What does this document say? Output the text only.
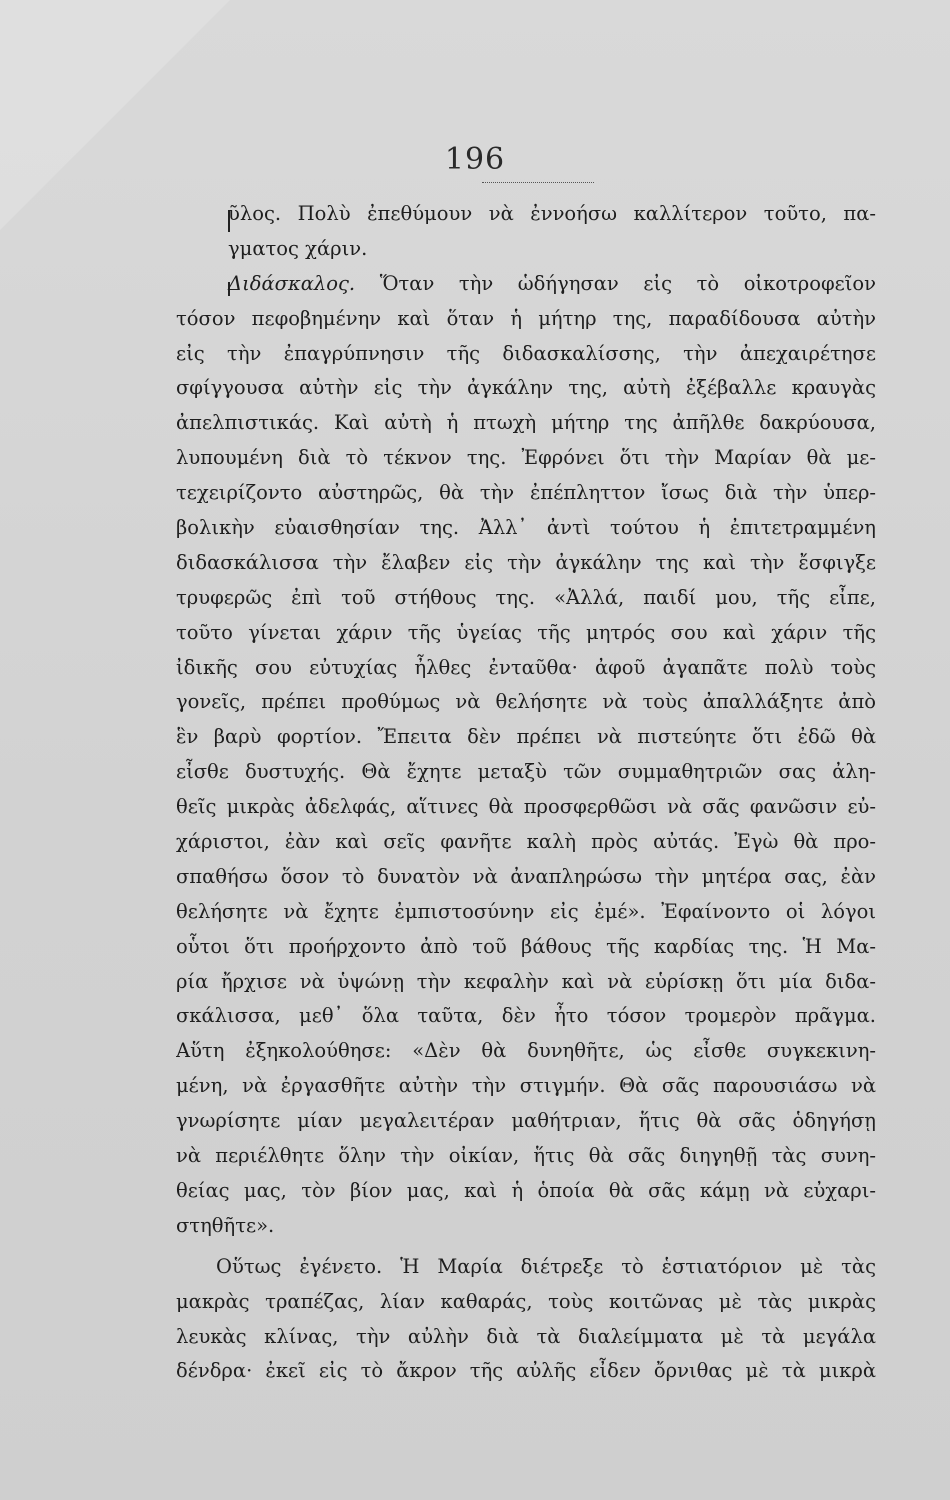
196
ῦλος. Πολὺ ἐπεθύμουν νὰ ἐννοήσω καλλίτερον τοῦτο, πα-
γματος χάριν.
Διδάσκαλος. Ὅταν τὴν ὡδήγησαν εἰς τὸ οἰκοτροφεῖον
τόσον πεφοβημένην καὶ ὅταν ἡ μήτηρ της, παραδίδουσα αὐτὴν
εἰς τὴν ἐπαγρύπνησιν τῆς διδασκαλίσσης, τὴν ἀπεχαιρέτησε
σφίγγουσα αὐτὴν εἰς τὴν ἀγκάλην της, αὐτὴ ἐξέβαλλε κραυγὰς
ἀπελπιστικάς. Καὶ αὐτὴ ἡ πτωχὴ μήτηρ της ἀπῆλθε δακρύουσα,
λυπουμένη διὰ τὸ τέκνον της. Ἐφρόνει ὅτι τὴν Μαρίαν θὰ με-
τεχειρίζοντο αὐστηρῶς, θὰ τὴν ἐπέπληττον ἴσως διὰ τὴν ὑπερ-
βολικὴν εὐαισθησίαν της. Ἀλλ᾽ ἀντὶ τούτου ἡ ἐπιτετραμμένη
διδασκάλισσα τὴν ἔλαβεν εἰς τὴν ἀγκάλην της καὶ τὴν ἔσφιγξε
τρυφερῶς ἐπὶ τοῦ στήθους της. «Ἀλλά, παιδί μου, τῆς εἶπε,
τοῦτο γίνεται χάριν τῆς ὑγείας τῆς μητρός σου καὶ χάριν τῆς
ἰδικῆς σου εὐτυχίας ἦλθες ἐνταῦθα· ἀφοῦ ἀγαπᾶτε πολὺ τοὺς
γονεῖς, πρέπει προθύμως νὰ θελήσητε νὰ τοὺς ἀπαλλάξητε ἀπὸ
ἓν βαρὺ φορτίον. Ἔπειτα δὲν πρέπει νὰ πιστεύητε ὅτι ἐδῶ θὰ
εἶσθε δυστυχής. Θὰ ἔχητε μεταξὺ τῶν συμμαθητριῶν σας ἀλη-
θεῖς μικρὰς ἀδελφάς, αἵτινες θὰ προσφερθῶσι νὰ σᾶς φανῶσιν εὐ-
χάριστοι, ἐὰν καὶ σεῖς φανῆτε καλὴ πρὸς αὐτάς. Ἐγὼ θὰ προ-
σπαθήσω ὅσον τὸ δυνατὸν νὰ ἀναπληρώσω τὴν μητέρα σας, ἐὰν
θελήσητε νὰ ἔχητε ἐμπιστοσύνην εἰς ἐμέ». Ἐφαίνοντο οἱ λόγοι
οὗτοι ὅτι προήρχοντο ἀπὸ τοῦ βάθους τῆς καρδίας της. Ἡ Μα-
ρία ἤρχισε νὰ ὑψώνῃ τὴν κεφαλὴν καὶ νὰ εὑρίσκῃ ὅτι μία διδα-
σκάλισσα, μεθ᾽ ὅλα ταῦτα, δὲν ἦτο τόσον τρομερὸν πρᾶγμα.
Αὕτη ἐξηκολούθησε: «Δὲν θὰ δυνηθῆτε, ὡς εἶσθε συγκεκινη-
μένη, νὰ ἐργασθῆτε αὐτὴν τὴν στιγμήν. Θὰ σᾶς παρουσιάσω νὰ
γνωρίσητε μίαν μεγαλειτέραν μαθήτριαν, ἥτις θὰ σᾶς ὁδηγήσῃ
νὰ περιέλθητε ὅλην τὴν οἰκίαν, ἥτις θὰ σᾶς διηγηθῇ τὰς συνη-
θείας μας, τὸν βίον μας, καὶ ἡ ὁποία θὰ σᾶς κάμῃ νὰ εὐχαρι-
στηθῆτε».
Οὕτως ἐγένετο. Ἡ Μαρία διέτρεξε τὸ ἑστιατόριον μὲ τὰς
μακρὰς τραπέζας, λίαν καθαράς, τοὺς κοιτῶνας μὲ τὰς μικρὰς
λευκὰς κλίνας, τὴν αὐλὴν διὰ τὰ διαλείμματα μὲ τὰ μεγάλα
δένδρα· ἐκεῖ εἰς τὸ ἄκρον τῆς αὐλῆς εἶδεν ὄρνιθας μὲ τὰ μικρὰ
